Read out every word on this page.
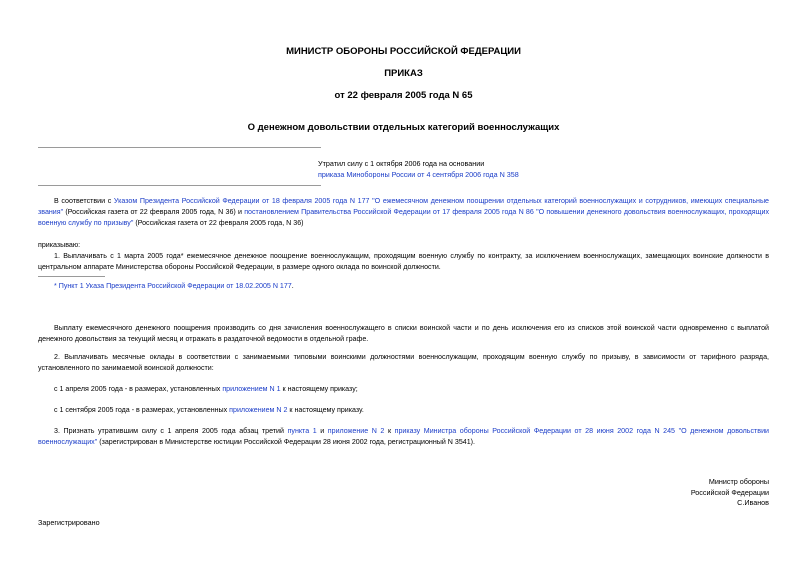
МИНИСТР ОБОРОНЫ РОССИЙСКОЙ ФЕДЕРАЦИИ
ПРИКАЗ
от 22 февраля 2005 года N 65
О денежном довольствии отдельных категорий военнослужащих
Утратил силу с 1 октября 2006 года на основании
приказа Минобороны России от 4 сентября 2006 года N 358
В соответствии с Указом Президента Российской Федерации от 18 февраля 2005 года N 177 "О ежемесячном денежном поощрении отдельных категорий военнослужащих и сотрудников, имеющих специальные звания" (Российская газета от 22 февраля 2005 года, N 36) и постановлением Правительства Российской Федерации от 17 февраля 2005 года N 86 "О повышении денежного довольствия военнослужащих, проходящих военную службу по призыву" (Российская газета от 22 февраля 2005 года, N 36)
приказываю:
1. Выплачивать с 1 марта 2005 года* ежемесячное денежное поощрение военнослужащим, проходящим военную службу по контракту, за исключением военнослужащих, замещающих воинские должности в центральном аппарате Министерства обороны Российской Федерации, в размере одного оклада по воинской должности.
* Пункт 1 Указа Президента Российской Федерации от 18.02.2005 N 177.
Выплату ежемесячного денежного поощрения производить со дня зачисления военнослужащего в списки воинской части и по день исключения его из списков этой воинской части одновременно с выплатой денежного довольствия за текущий месяц и отражать в раздаточной ведомости в отдельной графе.
2. Выплачивать месячные оклады в соответствии с занимаемыми типовыми воинскими должностями военнослужащим, проходящим военную службу по призыву, в зависимости от тарифного разряда, установленного по занимаемой воинской должности:
с 1 апреля 2005 года - в размерах, установленных приложением N 1 к настоящему приказу;
с 1 сентября 2005 года - в размерах, установленных приложением N 2 к настоящему приказу.
3. Признать утратившим силу с 1 апреля 2005 года абзац третий пункта 1 и приложение N 2 к приказу Министра обороны Российской Федерации от 28 июня 2002 года N 245 "О денежном довольствии военнослужащих" (зарегистрирован в Министерстве юстиции Российской Федерации 28 июня 2002 года, регистрационный N 3541).
Министр обороны
Российской Федерации
С.Иванов
Зарегистрировано
